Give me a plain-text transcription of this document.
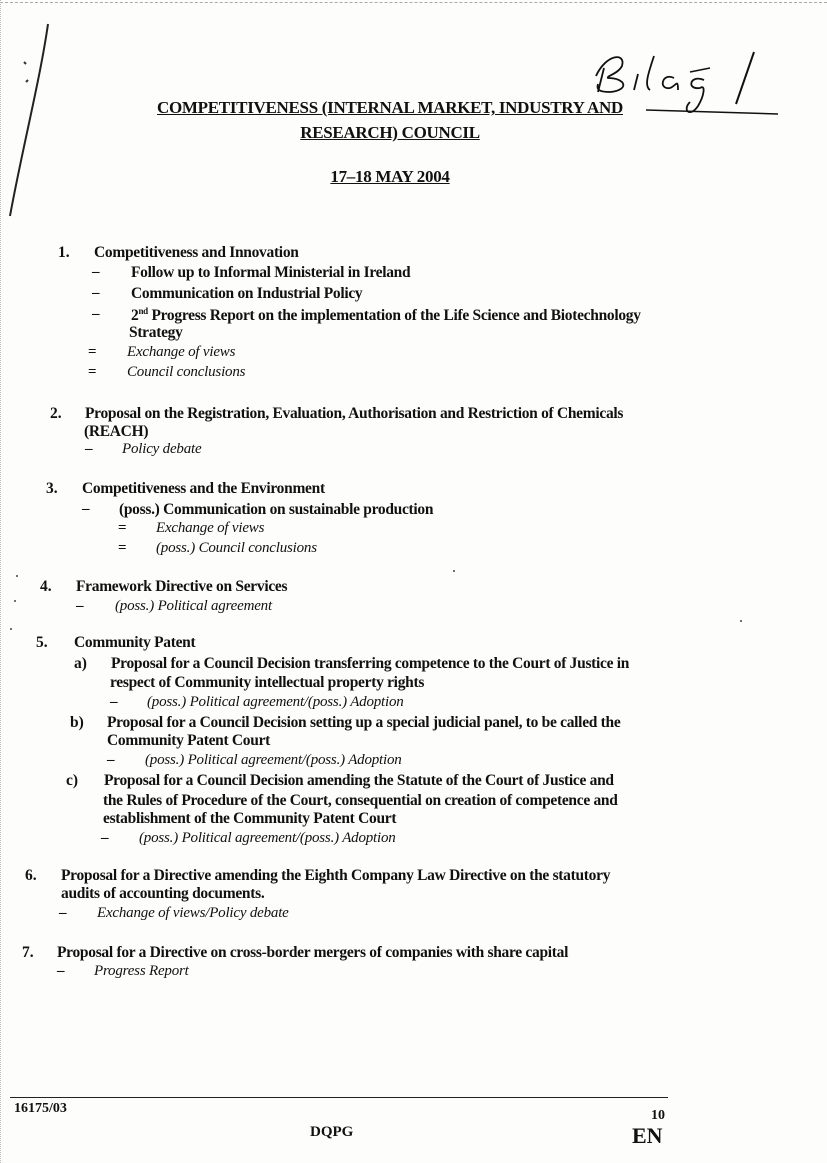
COMPETITIVENESS (INTERNAL MARKET, INDUSTRY AND
RESEARCH) COUNCIL
17–18 MAY 2004
1. Competitiveness and Innovation
– Follow up to Informal Ministerial in Ireland
– Communication on Industrial Policy
– 2nd Progress Report on the implementation of the Life Science and Biotechnology
Strategy
= Exchange of views
= Council conclusions
2. Proposal on the Registration, Evaluation, Authorisation and Restriction of Chemicals
(REACH)
– Policy debate
3. Competitiveness and the Environment
– (poss.) Communication on sustainable production
= Exchange of views
= (poss.) Council conclusions
4. Framework Directive on Services
– (poss.) Political agreement
5. Community Patent
a) Proposal for a Council Decision transferring competence to the Court of Justice in
respect of Community intellectual property rights
– (poss.) Political agreement/(poss.) Adoption
b) Proposal for a Council Decision setting up a special judicial panel, to be called the
Community Patent Court
– (poss.) Political agreement/(poss.) Adoption
c) Proposal for a Council Decision amending the Statute of the Court of Justice and
the Rules of Procedure of the Court, consequential on creation of competence and
establishment of the Community Patent Court
– (poss.) Political agreement/(poss.) Adoption
6. Proposal for a Directive amending the Eighth Company Law Directive on the statutory
audits of accounting documents.
– Exchange of views/Policy debate
7. Proposal for a Directive on cross-border mergers of companies with share capital
– Progress Report
16175/03
DQPG
10
EN
